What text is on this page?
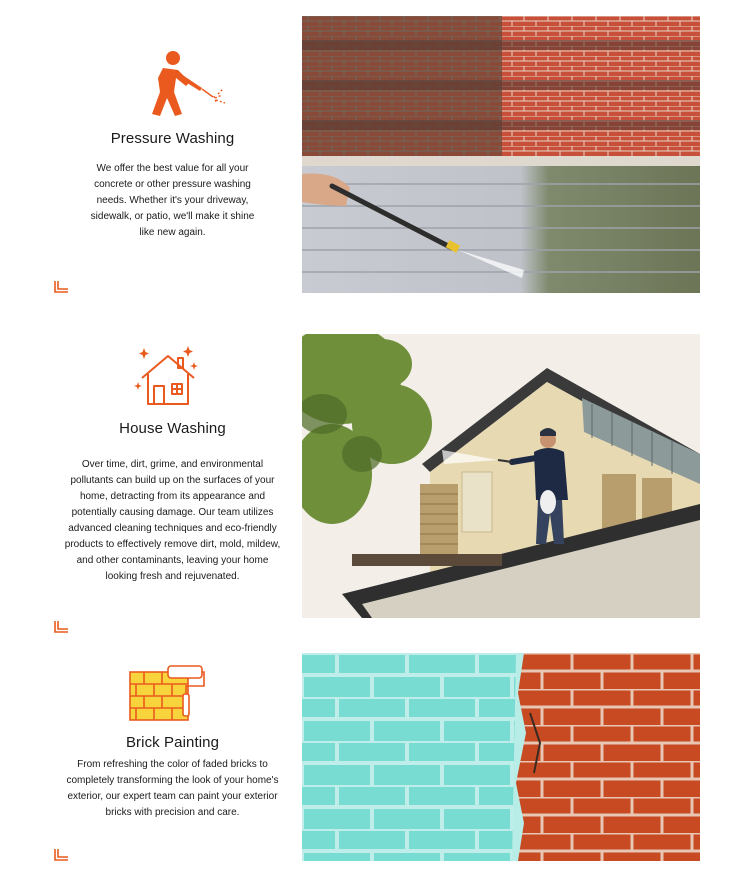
Pressure Washing

We offer the best value for all your concrete or other pressure washing needs. Whether it's your driveway, sidewalk, or patio, we'll make it shine like new again.

House Washing

Over time, dirt, grime, and environmental pollutants can build up on the surfaces of your home, detracting from its appearance and potentially causing damage. Our team utilizes advanced cleaning techniques and eco-friendly products to effectively remove dirt, mold, mildew, and other contaminants, leaving your home looking fresh and rejuvenated.

Brick Painting

From refreshing the color of faded bricks to completely transforming the look of your home's exterior, our expert team can paint your exterior bricks with precision and care.
